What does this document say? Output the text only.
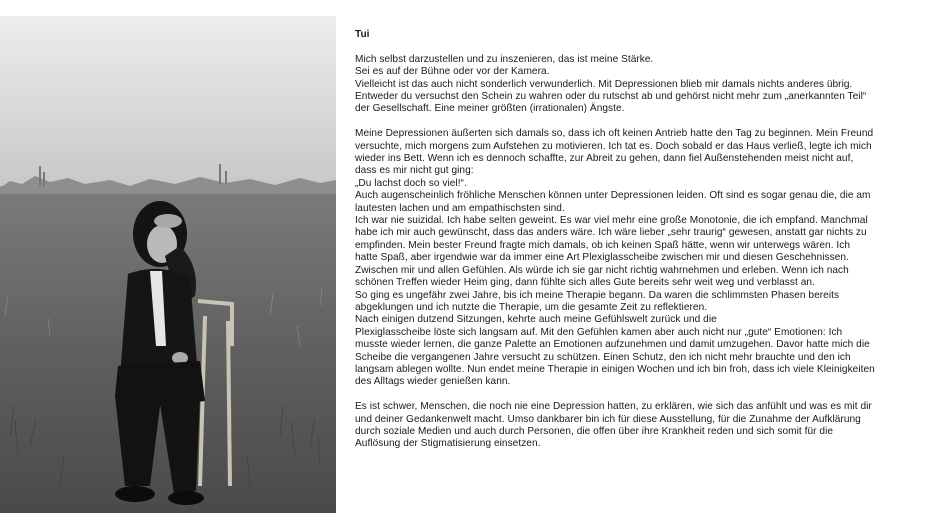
Tui
Mich selbst darzustellen und zu inszenieren, das ist meine Stärke.
Sei es auf der Bühne oder vor der Kamera.
Vielleicht ist das auch nicht sonderlich verwunderlich. Mit Depressionen blieb mir damals nichts anderes übrig.
Entweder du versuchst den Schein zu wahren oder du rutschst ab und gehörst nicht mehr zum „anerkannten Teil“
der Gesellschaft. Eine meiner größten (irrationalen) Ängste.
Meine Depressionen äußerten sich damals so, dass ich oft keinen Antrieb hatte den Tag zu beginnen. Mein Freund
versuchte, mich morgens zum Aufstehen zu motivieren. Ich tat es. Doch sobald er das Haus verließ, legte ich mich
wieder ins Bett. Wenn ich es dennoch schaffte, zur Abreit zu gehen, dann fiel Außenstehenden meist nicht auf,
dass es mir nicht gut ging:
„Du lachst doch so viel!“.
Auch augenscheinlich fröhliche Menschen können unter Depressionen leiden. Oft sind es sogar genau die, die am
lautesten lachen und am empathischsten sind.
Ich war nie suizidal. Ich habe selten geweint. Es war viel mehr eine große Monotonie, die ich empfand. Manchmal
habe ich mir auch gewünscht, dass das anders wäre. Ich wäre lieber „sehr traurig“ gewesen, anstatt gar nichts zu
empfinden. Mein bester Freund fragte mich damals, ob ich keinen Spaß hätte, wenn wir unterwegs wären. Ich
hatte Spaß, aber irgendwie war da immer eine Art Plexiglasscheibe zwischen mir und diesen Geschehnissen.
Zwischen mir und allen Gefühlen. Als würde ich sie gar nicht richtig wahrnehmen und erleben. Wenn ich nach
schönen Treffen wieder Heim ging, dann fühlte sich alles Gute bereits sehr weit weg und verblasst an.
So ging es ungefähr zwei Jahre, bis ich meine Therapie begann. Da waren die schlimmsten Phasen bereits
abgeklungen und ich nutzte die Therapie, um die gesamte Zeit zu reflektieren.
Nach einigen dutzend Sitzungen, kehrte auch meine Gefühlswelt zurück und die
Plexiglasscheibe löste sich langsam auf. Mit den Gefühlen kamen aber auch nicht nur „gute“ Emotionen: Ich
musste wieder lernen, die ganze Palette an Emotionen aufzunehmen und damit umzugehen. Davor hatte mich die
Scheibe die vergangenen Jahre versucht zu schützen. Einen Schutz, den ich nicht mehr brauchte und den ich
langsam ablegen wollte. Nun endet meine Therapie in einigen Wochen und ich bin froh, dass ich viele Kleinigkeiten
des Alltags wieder genießen kann.
Es ist schwer, Menschen, die noch nie eine Depression hatten, zu erklären, wie sich das anfühlt und was es mit dir
und deiner Gedankenwelt macht. Umso dankbarer bin ich für diese Ausstellung, für die Zunahme der Aufklärung
durch soziale Medien und auch durch Personen, die offen über ihre Krankheit reden und sich somit für die
Auflösung der Stigmatisierung einsetzen.
